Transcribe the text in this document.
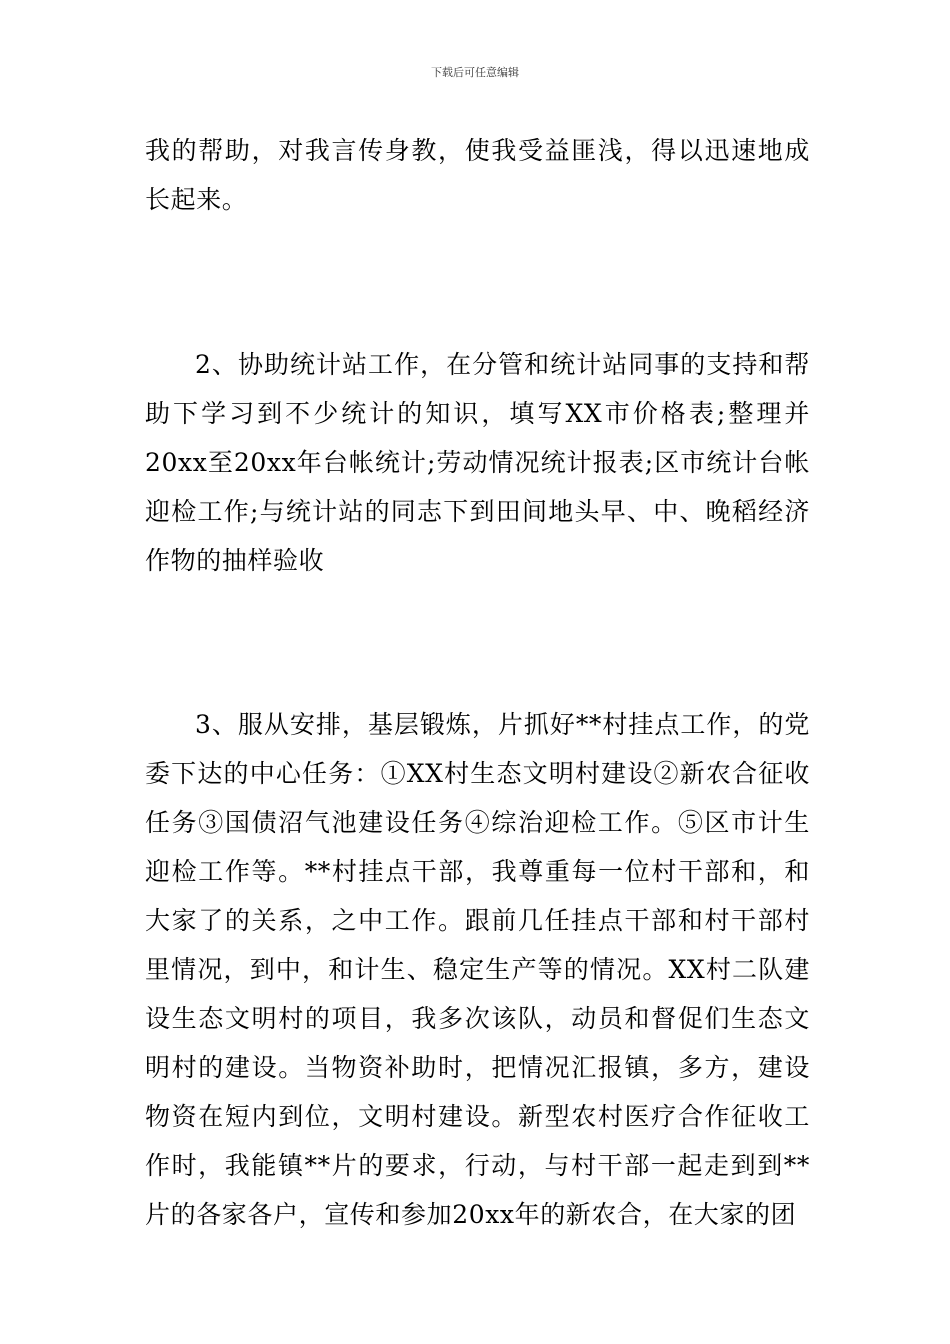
下载后可任意编辑

我的帮助，对我言传身教，使我受益匪浅，得以迅速地成长起来。

2、协助统计站工作，在分管和统计站同事的支持和帮助下学习到不少统计的知识，填写XX市价格表;整理并20xx至20xx年台帐统计;劳动情况统计报表;区市统计台帐迎检工作;与统计站的同志下到田间地头早、中、晚稻经济作物的抽样验收

3、服从安排，基层锻炼，片抓好**村挂点工作，的党委下达的中心任务：①XX村生态文明村建设②新农合征收任务③国债沼气池建设任务④综治迎检工作。⑤区市计生迎检工作等。**村挂点干部，我尊重每一位村干部和，和大家了的关系，之中工作。跟前几任挂点干部和村干部村里情况，到中，和计生、稳定生产等的情况。XX村二队建设生态文明村的项目，我多次该队，动员和督促们生态文明村的建设。当物资补助时，把情况汇报镇，多方，建设物资在短内到位，文明村建设。新型农村医疗合作征收工作时，我能镇**片的要求，行动，与村干部一起走到到**片的各家各户，宣传和参加20xx年的新农合，在大家的团
